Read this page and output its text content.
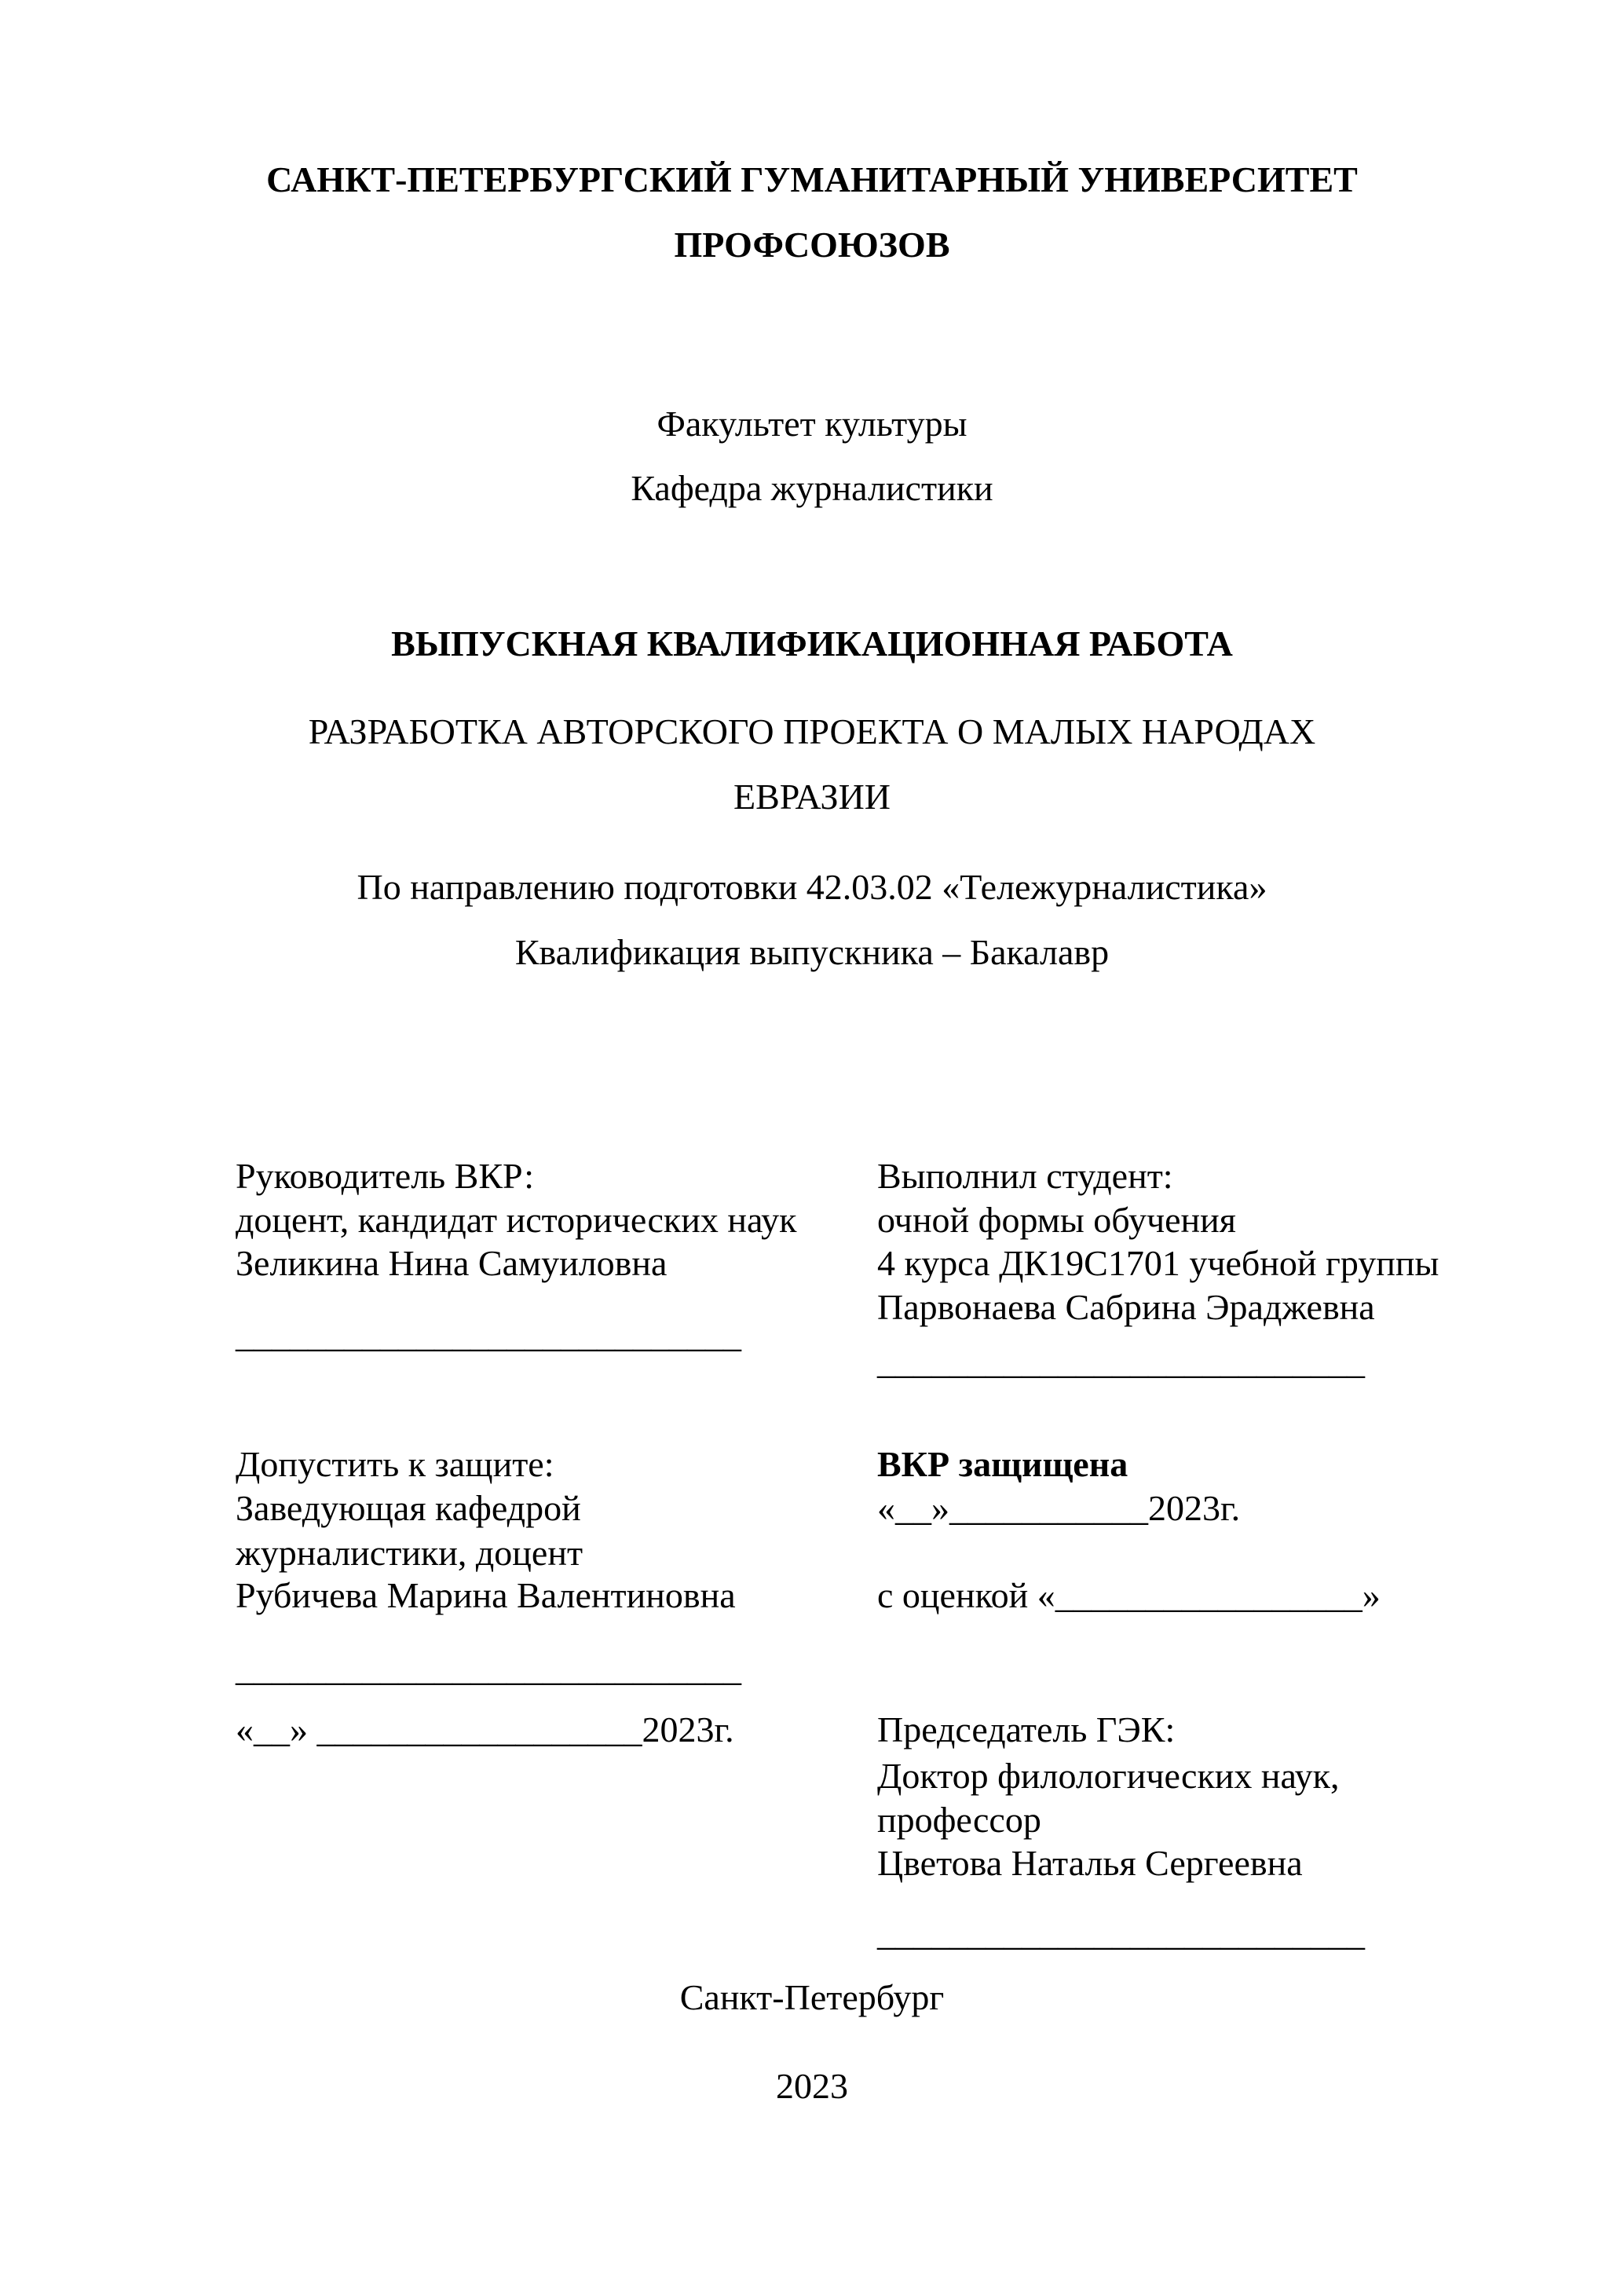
САНКТ-ПЕТЕРБУРГСКИЙ ГУМАНИТАРНЫЙ УНИВЕРСИТЕТ
ПРОФСОЮЗОВ
Факультет культуры
Кафедра журналистики
ВЫПУСКНАЯ КВАЛИФИКАЦИОННАЯ РАБОТА
РАЗРАБОТКА АВТОРСКОГО ПРОЕКТА О МАЛЫХ НАРОДАХ
ЕВРАЗИИ
По направлению подготовки 42.03.02 «Тележурналистика»
Квалификация выпускника – Бакалавр
Руководитель ВКР:
доцент, кандидат исторических наук
Зеликина Нина Самуиловна
____________________________
Выполнил студент:
очной формы обучения
4 курса ДК19С1701 учебной группы
Парвонаева Сабрина Эраджевна
___________________________
Допустить к защите:
Заведующая кафедрой
журналистики, доцент
Рубичева Марина Валентиновна
____________________________
«__» __________________2023г.
ВКР защищена
«__»___________2023г.
с оценкой «_________________»
Председатель ГЭК:
Доктор филологических наук,
профессор
Цветова Наталья Сергеевна
___________________________
Санкт-Петербург
2023
